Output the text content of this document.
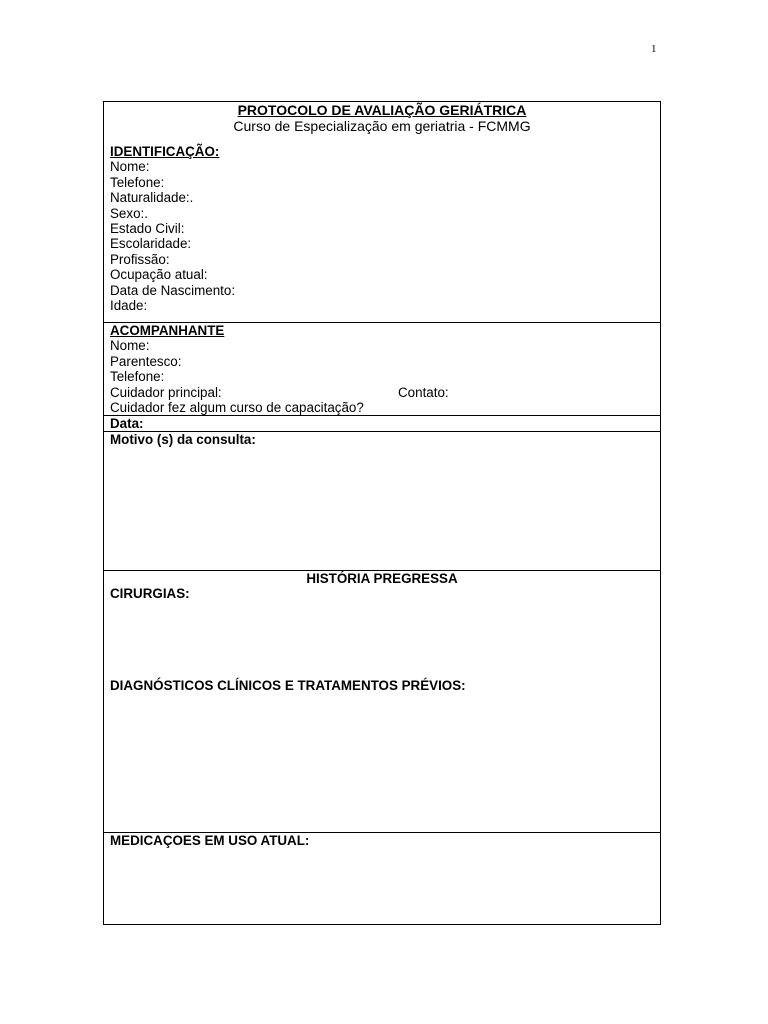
1
PROTOCOLO DE AVALIAÇÃO GERIÁTRICA
Curso de Especialização em geriatria - FCMMG
IDENTIFICAÇÃO:
Nome:
Telefone:
Naturalidade:.
Sexo:.
Estado Civil:
Escolaridade:
Profissão:
Ocupação atual:
Data de Nascimento:
Idade:
ACOMPANHANTE
Nome:
Parentesco:
Telefone:
Cuidador principal:	Contato:
Cuidador fez algum curso de capacitação?
Data:
Motivo (s) da consulta:
HISTÓRIA PREGRESSA
CIRURGIAS:
DIAGNÓSTICOS CLÍNICOS E TRATAMENTOS PRÉVIOS:
MEDICAÇOES EM USO ATUAL:
